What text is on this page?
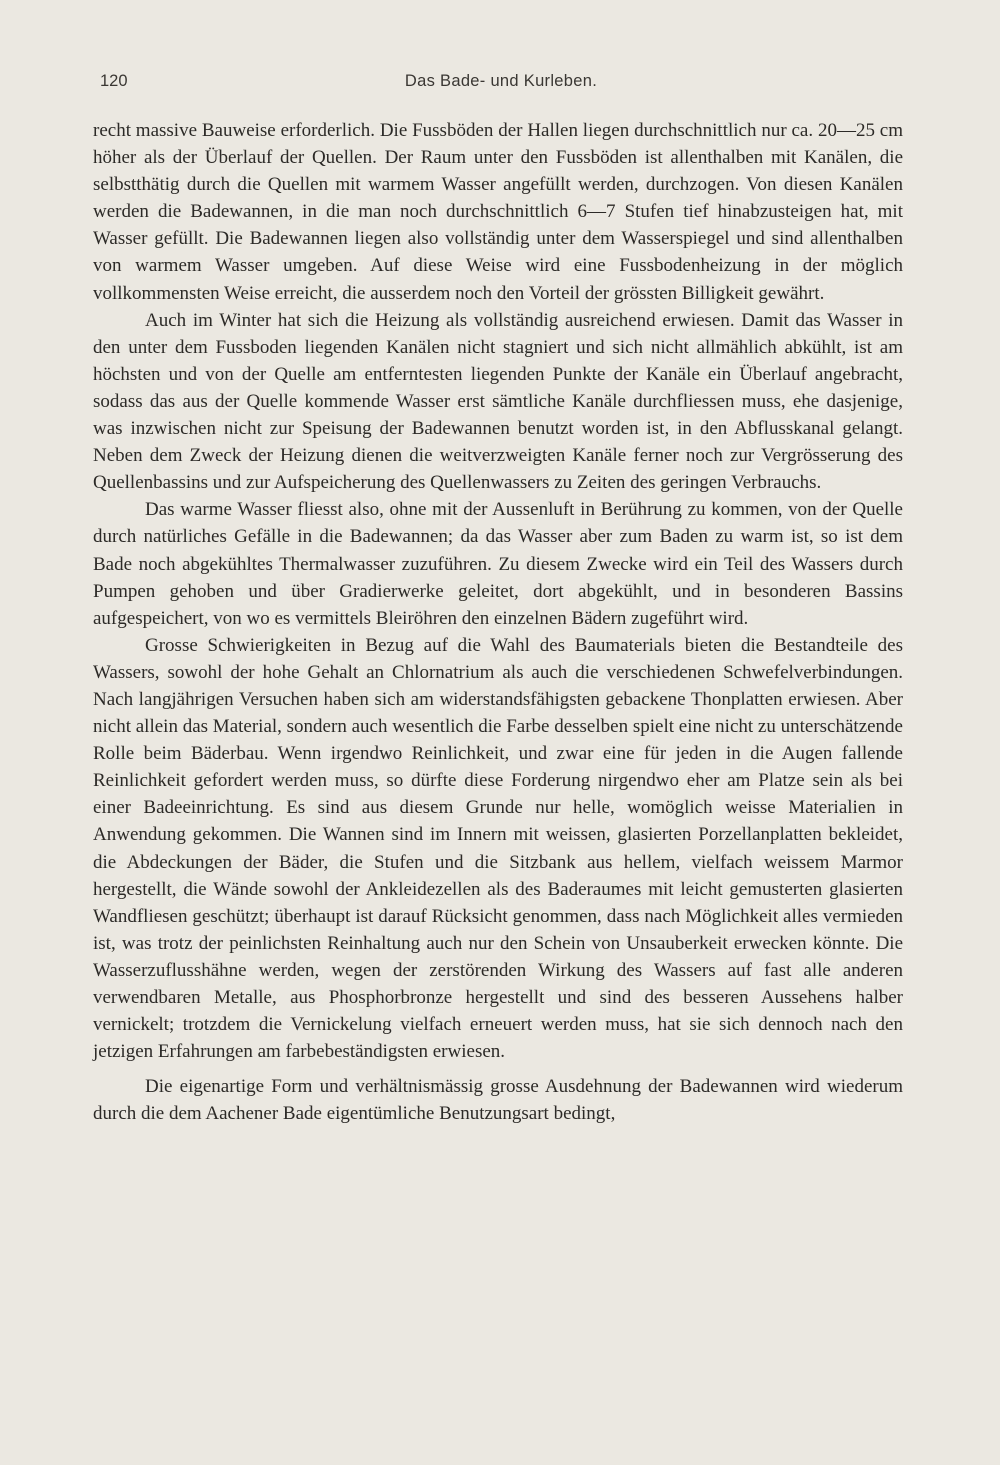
120	Das Bade- und Kurleben.

recht massive Bauweise erforderlich. Die Fussböden der Hallen liegen durchschnittlich nur ca. 20—25 cm höher als der Überlauf der Quellen. Der Raum unter den Fussböden ist allenthalben mit Kanälen, die selbstthätig durch die Quellen mit warmem Wasser angefüllt werden, durchzogen. Von diesen Kanälen werden die Badewannen, in die man noch durchschnittlich 6—7 Stufen tief hinabzusteigen hat, mit Wasser gefüllt. Die Badewannen liegen also vollständig unter dem Wasserspiegel und sind allenthalben von warmem Wasser umgeben. Auf diese Weise wird eine Fussbodenheizung in der möglich vollkommensten Weise erreicht, die ausserdem noch den Vorteil der grössten Billigkeit gewährt.

Auch im Winter hat sich die Heizung als vollständig ausreichend erwiesen. Damit das Wasser in den unter dem Fussboden liegenden Kanälen nicht stagniert und sich nicht allmählich abkühlt, ist am höchsten und von der Quelle am entferntesten liegenden Punkte der Kanäle ein Überlauf angebracht, sodass das aus der Quelle kommende Wasser erst sämtliche Kanäle durchfliessen muss, ehe dasjenige, was inzwischen nicht zur Speisung der Badewannen benutzt worden ist, in den Abflusskanal gelangt. Neben dem Zweck der Heizung dienen die weitverzweigten Kanäle ferner noch zur Vergrösserung des Quellenbassins und zur Aufspeicherung des Quellenwassers zu Zeiten des geringen Verbrauchs.

Das warme Wasser fliesst also, ohne mit der Aussenluft in Berührung zu kommen, von der Quelle durch natürliches Gefälle in die Badewannen; da das Wasser aber zum Baden zu warm ist, so ist dem Bade noch abgekühltes Thermalwasser zuzuführen. Zu diesem Zwecke wird ein Teil des Wassers durch Pumpen gehoben und über Gradierwerke geleitet, dort abgekühlt, und in besonderen Bassins aufgespeichert, von wo es vermittels Bleiröhren den einzelnen Bädern zugeführt wird.

Grosse Schwierigkeiten in Bezug auf die Wahl des Baumaterials bieten die Bestandteile des Wassers, sowohl der hohe Gehalt an Chlornatrium als auch die verschiedenen Schwefelverbindungen. Nach langjährigen Versuchen haben sich am widerstandsfähigsten gebackene Thonplatten erwiesen. Aber nicht allein das Material, sondern auch wesentlich die Farbe desselben spielt eine nicht zu unterschätzende Rolle beim Bäderbau. Wenn irgendwo Reinlichkeit, und zwar eine für jeden in die Augen fallende Reinlichkeit gefordert werden muss, so dürfte diese Forderung nirgendwo eher am Platze sein als bei einer Badeeinrichtung. Es sind aus diesem Grunde nur helle, womöglich weisse Materialien in Anwendung gekommen. Die Wannen sind im Innern mit weissen, glasierten Porzellanplatten bekleidet, die Abdeckungen der Bäder, die Stufen und die Sitzbank aus hellem, vielfach weissem Marmor hergestellt, die Wände sowohl der Ankleidezellen als des Baderaumes mit leicht gemusterten glasierten Wandfliesen geschützt; überhaupt ist darauf Rücksicht genommen, dass nach Möglichkeit alles vermieden ist, was trotz der peinlichsten Reinhaltung auch nur den Schein von Unsauberkeit erwecken könnte. Die Wasserzuflusshähne werden, wegen der zerstörenden Wirkung des Wassers auf fast alle anderen verwendbaren Metalle, aus Phosphorbronze hergestellt und sind des besseren Aussehens halber vernickelt; trotzdem die Vernickelung vielfach erneuert werden muss, hat sie sich dennoch nach den jetzigen Erfahrungen am farbebeständigsten erwiesen.

Die eigenartige Form und verhältnismässig grosse Ausdehnung der Badewannen wird wiederum durch die dem Aachener Bade eigentümliche Benutzungsart bedingt,
